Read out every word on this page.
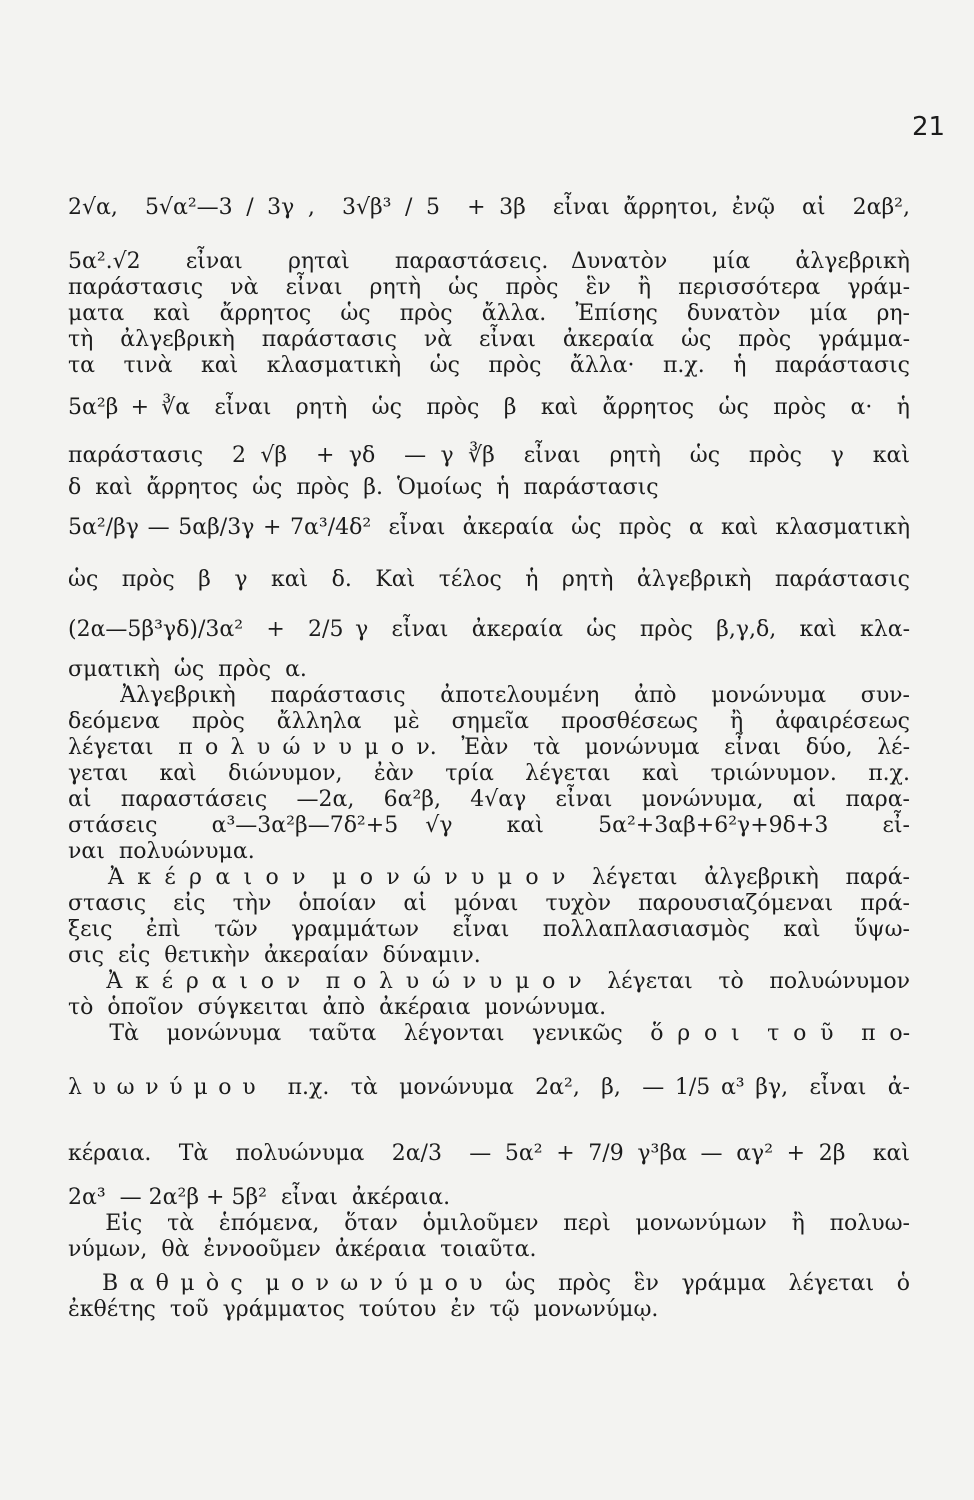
21
2√α,  5√α²—3 / 3γ ,  3√β³ / 5  + 3β  εἶναι ἄρρητοι, ἐνῷ  αἱ  2αβ²,
5α².√2  εἶναι  ρηταὶ  παραστάσεις. Δυνατὸν  μία  ἀλγεβρικὴ
παράστασις  νὰ  εἶναι  ρητὴ  ὡς  πρὸς  ἓν  ἢ  περισσότερα  γράμ-
ματα  καὶ  ἄρρητος  ὡς  πρὸς  ἄλλα.  Ἐπίσης  δυνατὸν  μία  ρη-
τὴ  ἀλγεβρικὴ  παράστασις  νὰ  εἶναι  ἀκεραία  ὡς  πρὸς  γράμμα-
τα  τινὰ  καὶ  κλασματικὴ  ὡς  πρὸς  ἄλλα·  π.χ.  ἡ  παράστασις
5α²β + ∛α  εἶναι  ρητὴ  ὡς  πρὸς  β  καὶ  ἄρρητος  ὡς  πρὸς  α·  ἡ
παράστασις  2 √β  + γδ  — γ ∛β  εἶναι  ρητὴ  ὡς  πρὸς  γ  καὶ
δ  καὶ  ἄρρητος  ὡς  πρὸς  β.  Ὁμοίως  ἡ  παράστασις
5α²/βγ — 5αβ/3γ + 7α³/4δ²  εἶναι  ἀκεραία  ὡς  πρὸς  α  καὶ  κλασματικὴ
ὡς  πρὸς  β  γ  καὶ  δ.  Καὶ  τέλος  ἡ  ρητὴ  ἀλγεβρικὴ  παράστασις
(2α—5β³γδ)/3α²  +  2/5 γ  εἶναι  ἀκεραία  ὡς  πρὸς  β,γ,δ,  καὶ  κλα-
σματικὴ  ὡς  πρὸς  α.
Ἀλγεβρικὴ  παράστασις  ἀποτελουμένη  ἀπὸ  μονώνυμα  συν-
δεόμενα  πρὸς  ἄλληλα  μὲ  σημεῖα  προσθέσεως  ἢ  ἀφαιρέσεως
λέγεται  π ο λ υ ώ ν υ μ ο ν.  Ἐὰν  τὰ  μονώνυμα  εἶναι  δύο,  λέ-
γεται  καὶ  διώνυμον,  ἐὰν  τρία  λέγεται  καὶ  τριώνυμον.  π.χ.
αἱ  παραστάσεις  —2α,  6α²β,  4√αγ  εἶναι  μονώνυμα,  αἱ  παρα-
στάσεις  α³—3α²β—7δ²+5 √γ  καὶ  5α²+3αβ+6²γ+9δ+3  εἶ-
ναι  πολυώνυμα.
Ἀ κ έ ρ α ι ο ν  μ ο ν ώ ν υ μ ο ν  λέγεται  ἀλγεβρικὴ  παρά-
στασις  εἰς  τὴν  ὁποίαν  αἱ  μόναι  τυχὸν  παρουσιαζόμεναι  πρά-
ξεις  ἐπὶ  τῶν  γραμμάτων  εἶναι  πολλαπλασιασμὸς  καὶ  ὕψω-
σις  εἰς  θετικὴν  ἀκεραίαν  δύναμιν.
Ἀ κ έ ρ α ι ο ν  π ο λ υ ώ ν υ μ ο ν  λέγεται  τὸ  πολυώνυμον
τὸ  ὁποῖον  σύγκειται  ἀπὸ  ἀκέραια  μονώνυμα.
Τὰ  μονώνυμα  ταῦτα  λέγονται  γενικῶς  ὅ ρ ο ι  τ ο ῦ  π ο-
λ υ ω ν ύ μ ο υ   π.χ.  τὰ  μονώνυμα  2α²,  β,  — 1/5 α³ βγ,  εἶναι  ἀ-
κέραια.  Τὰ  πολυώνυμα  2α/3  — 5α² + 7/9 γ³βα — αγ² + 2β  καὶ
2α³  — 2α²β + 5β²  εἶναι  ἀκέραια.
Εἰς  τὰ  ἑπόμενα,  ὅταν  ὁμιλοῦμεν  περὶ  μονωνύμων  ἢ  πολυω-
νύμων,  θὰ  ἐννοοῦμεν  ἀκέραια  τοιαῦτα.
Β α θ μ ὸ ς  μ ο ν ω ν ύ μ ο υ  ὡς  πρὸς  ἓν  γράμμα  λέγεται  ὁ
ἐκθέτης  τοῦ  γράμματος  τούτου  ἐν  τῷ  μονωνύμῳ.
